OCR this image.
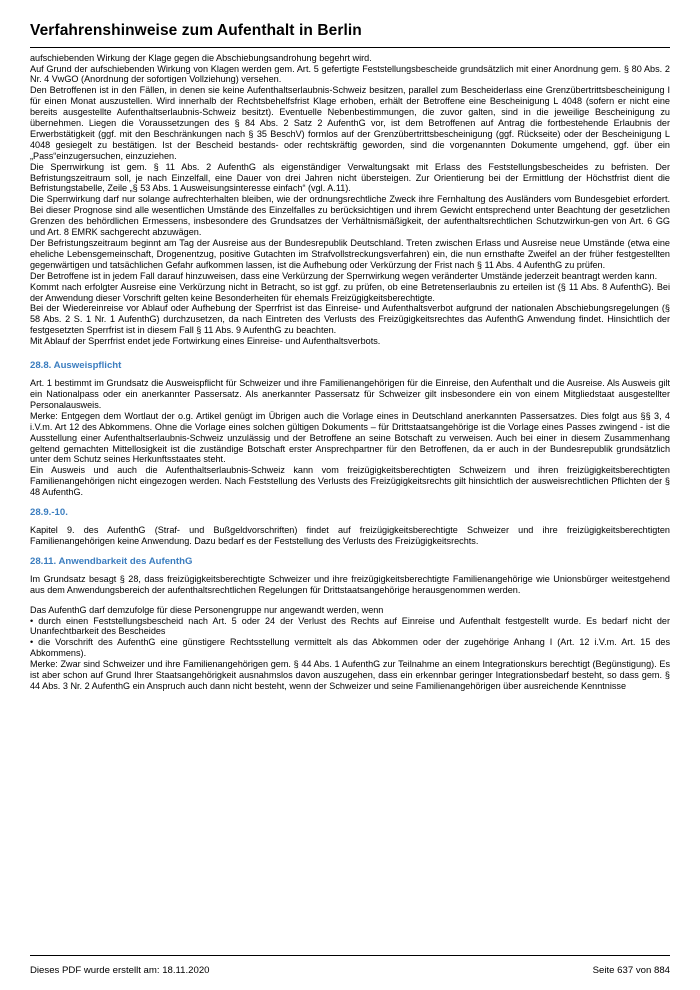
Verfahrenshinweise zum Aufenthalt in Berlin

aufschiebenden Wirkung der Klage gegen die Abschiebungsandrohung begehrt wird.

Auf Grund der aufschiebenden Wirkung von Klagen werden gem. Art. 5 gefertigte Feststellungsbescheide grundsätzlich mit einer Anordnung gem. § 80 Abs. 2 Nr. 4 VwGO (Anordnung der sofortigen Vollziehung) versehen.

Den Betroffenen ist in den Fällen, in denen sie keine Aufenthaltserlaubnis-Schweiz besitzen, parallel zum Bescheiderlass eine Grenzübertrittsbescheinigung I für einen Monat auszustellen. Wird innerhalb der Rechtsbehelfsfrist Klage erhoben, erhält der Betroffene eine Bescheinigung L 4048 (sofern er nicht eine bereits ausgestellte Aufenthaltserlaubnis-Schweiz besitzt). Eventuelle Nebenbestimmungen, die zuvor galten, sind in die jeweilige Bescheinigung zu übernehmen. Liegen die Voraussetzungen des § 84 Abs. 2 Satz 2 AufenthG vor, ist dem Betroffenen auf Antrag die fortbestehende Erlaubnis der Erwerbstätigkeit (ggf. mit den Beschränkungen nach § 35 BeschV) formlos auf der Grenzübertrittsbescheinigung (ggf. Rückseite) oder der Bescheinigung L 4048 gesiegelt zu bestätigen. Ist der Bescheid bestands- oder rechtskräftig geworden, sind die vorgenannten Dokumente umgehend, ggf. über ein „Pass“einzugersuchen, einzuziehen.

Die Sperrwirkung ist gem. § 11 Abs. 2 AufenthG als eigenständiger Verwaltungsakt mit Erlass des Feststellungsbescheides zu befristen. Der Befristungszeitraum soll, je nach Einzelfall, eine Dauer von drei Jahren nicht übersteigen. Zur Orientierung bei der Ermittlung der Höchstfrist dient die Befristungstabelle, Zeile „§ 53 Abs. 1 Ausweisungsinteresse einfach“ (vgl. A.11).

Die Sperrwirkung darf nur solange aufrechterhalten bleiben, wie der ordnungsrechtliche Zweck ihre Fernhaltung des Ausländers vom Bundesgebiet erfordert. Bei dieser Prognose sind alle wesentlichen Umstände des Einzelfalles zu berücksichtigen und ihrem Gewicht entsprechend unter Beachtung der gesetzlichen Grenzen des behördlichen Ermessens, insbesondere des Grundsatzes der Verhältnismäßigkeit, der aufenthaltsrechtlichen Schutzwirkun-gen von Art. 6 GG und Art. 8 EMRK sachgerecht abzuwägen.

Der Befristungszeitraum beginnt am Tag der Ausreise aus der Bundesrepublik Deutschland. Treten zwischen Erlass und Ausreise neue Umstände (etwa eine eheliche Lebensgemeinschaft, Drogenentzug, positive Gutachten im Strafvollstreckungsverfahren) ein, die nun ernsthafte Zweifel an der früher festgestellten gegenwärtigen und tatsächlichen Gefahr aufkommen lassen, ist die Aufhebung oder Verkürzung der Frist nach § 11 Abs. 4 AufenthG zu prüfen.

Der Betroffene ist in jedem Fall darauf hinzuweisen, dass eine Verkürzung der Sperrwirkung wegen veränderter Umstände jederzeit beantragt werden kann.

Kommt nach erfolgter Ausreise eine Verkürzung nicht in Betracht, so ist ggf. zu prüfen, ob eine Betretenserlaubnis zu erteilen ist (§ 11 Abs. 8 AufenthG). Bei der Anwendung dieser Vorschrift gelten keine Besonderheiten für ehemals Freizügigkeitsberechtigte.

Bei der Wiedereinreise vor Ablauf oder Aufhebung der Sperrfrist ist das Einreise- und Aufenthaltsverbot aufgrund der nationalen Abschiebungsregelungen (§ 58 Abs. 2 S. 1 Nr. 1 AufenthG) durchzusetzen, da nach Eintreten des Verlusts des Freizügigkeitsrechtes das AufenthG Anwendung findet. Hinsichtlich der festgesetzten Sperrfrist ist in diesem Fall § 11 Abs. 9 AufenthG zu beachten.

Mit Ablauf der Sperrfrist endet jede Fortwirkung eines Einreise- und Aufenthaltsverbots.

28.8. Ausweispflicht

Art. 1 bestimmt im Grundsatz die Ausweispflicht für Schweizer und ihre Familienangehörigen für die Einreise, den Aufenthalt und die Ausreise. Als Ausweis gilt ein Nationalpass oder ein anerkannter Passersatz. Als anerkannter Passersatz für Schweizer gilt insbesondere ein von einem Mitgliedstaat ausgestellter Personalausweis.

Merke: Entgegen dem Wortlaut der o.g. Artikel genügt im Übrigen auch die Vorlage eines in Deutschland anerkannten Passersatzes. Dies folgt aus §§ 3, 4 i.V.m. Art 12 des Abkommens. Ohne die Vorlage eines solchen gültigen Dokuments – für Drittstaatsangehörige ist die Vorlage eines Passes zwingend - ist die Ausstellung einer Aufenthaltserlaubnis-Schweiz unzulässig und der Betroffene an seine Botschaft zu verweisen. Auch bei einer in diesem Zusammenhang geltend gemachten Mittellosigkeit ist die zuständige Botschaft erster Ansprechpartner für den Betroffenen, da er auch in der Bundesrepublik grundsätzlich unter dem Schutz seines Herkunftsstaates steht.

Ein Ausweis und auch die Aufenthaltserlaubnis-Schweiz kann vom freizügigkeitsberechtigten Schweizern und ihren freizügigkeitsberechtigten Familienangehörigen nicht eingezogen werden. Nach Feststellung des Verlusts des Freizügigkeitsrechts gilt hinsichtlich der ausweisrechtlichen Pflichten der § 48 AufenthG.

28.9.-10.

Kapitel 9. des AufenthG (Straf- und Bußgeldvorschriften) findet auf freizügigkeitsberechtigte Schweizer und ihre freizügigkeitsberechtigten Familienangehörigen keine Anwendung. Dazu bedarf es der Feststellung des Verlusts des Freizügigkeitsrechts.

28.11. Anwendbarkeit des AufenthG

Im Grundsatz besagt § 28, dass freizügigkeitsberechtigte Schweizer und ihre freizügigkeitsberechtigte Familienangehörige wie Unionsbürger weitestgehend aus dem Anwendungsbereich der aufenthaltsrechtlichen Regelungen für Drittstaatsangehörige herausgenommen werden.

Das AufenthG darf demzufolge für diese Personengruppe nur angewandt werden, wenn

• durch einen Feststellungsbescheid nach Art. 5 oder 24 der Verlust des Rechts auf Einreise und Aufenthalt festgestellt wurde. Es bedarf nicht der Unanfechtbarkeit des Bescheides

• die Vorschrift des AufenthG eine günstigere Rechtsstellung vermittelt als das Abkommen oder der zugehörige Anhang I (Art. 12 i.V.m. Art. 15 des Abkommens).

Merke: Zwar sind Schweizer und ihre Familienangehörigen gem. § 44 Abs. 1 AufenthG zur Teilnahme an einem Integrationskurs berechtigt (Begünstigung). Es ist aber schon auf Grund Ihrer Staatsangehörigkeit ausnahmslos davon auszugehen, dass ein erkennbar geringer Integrationsbedarf besteht, so dass gem. § 44 Abs. 3 Nr. 2 AufenthG ein Anspruch auch dann nicht besteht, wenn der Schweizer und seine Familienangehörigen über ausreichende Kenntnisse

Dieses PDF wurde erstellt am: 18.11.2020	Seite 637 von 884
